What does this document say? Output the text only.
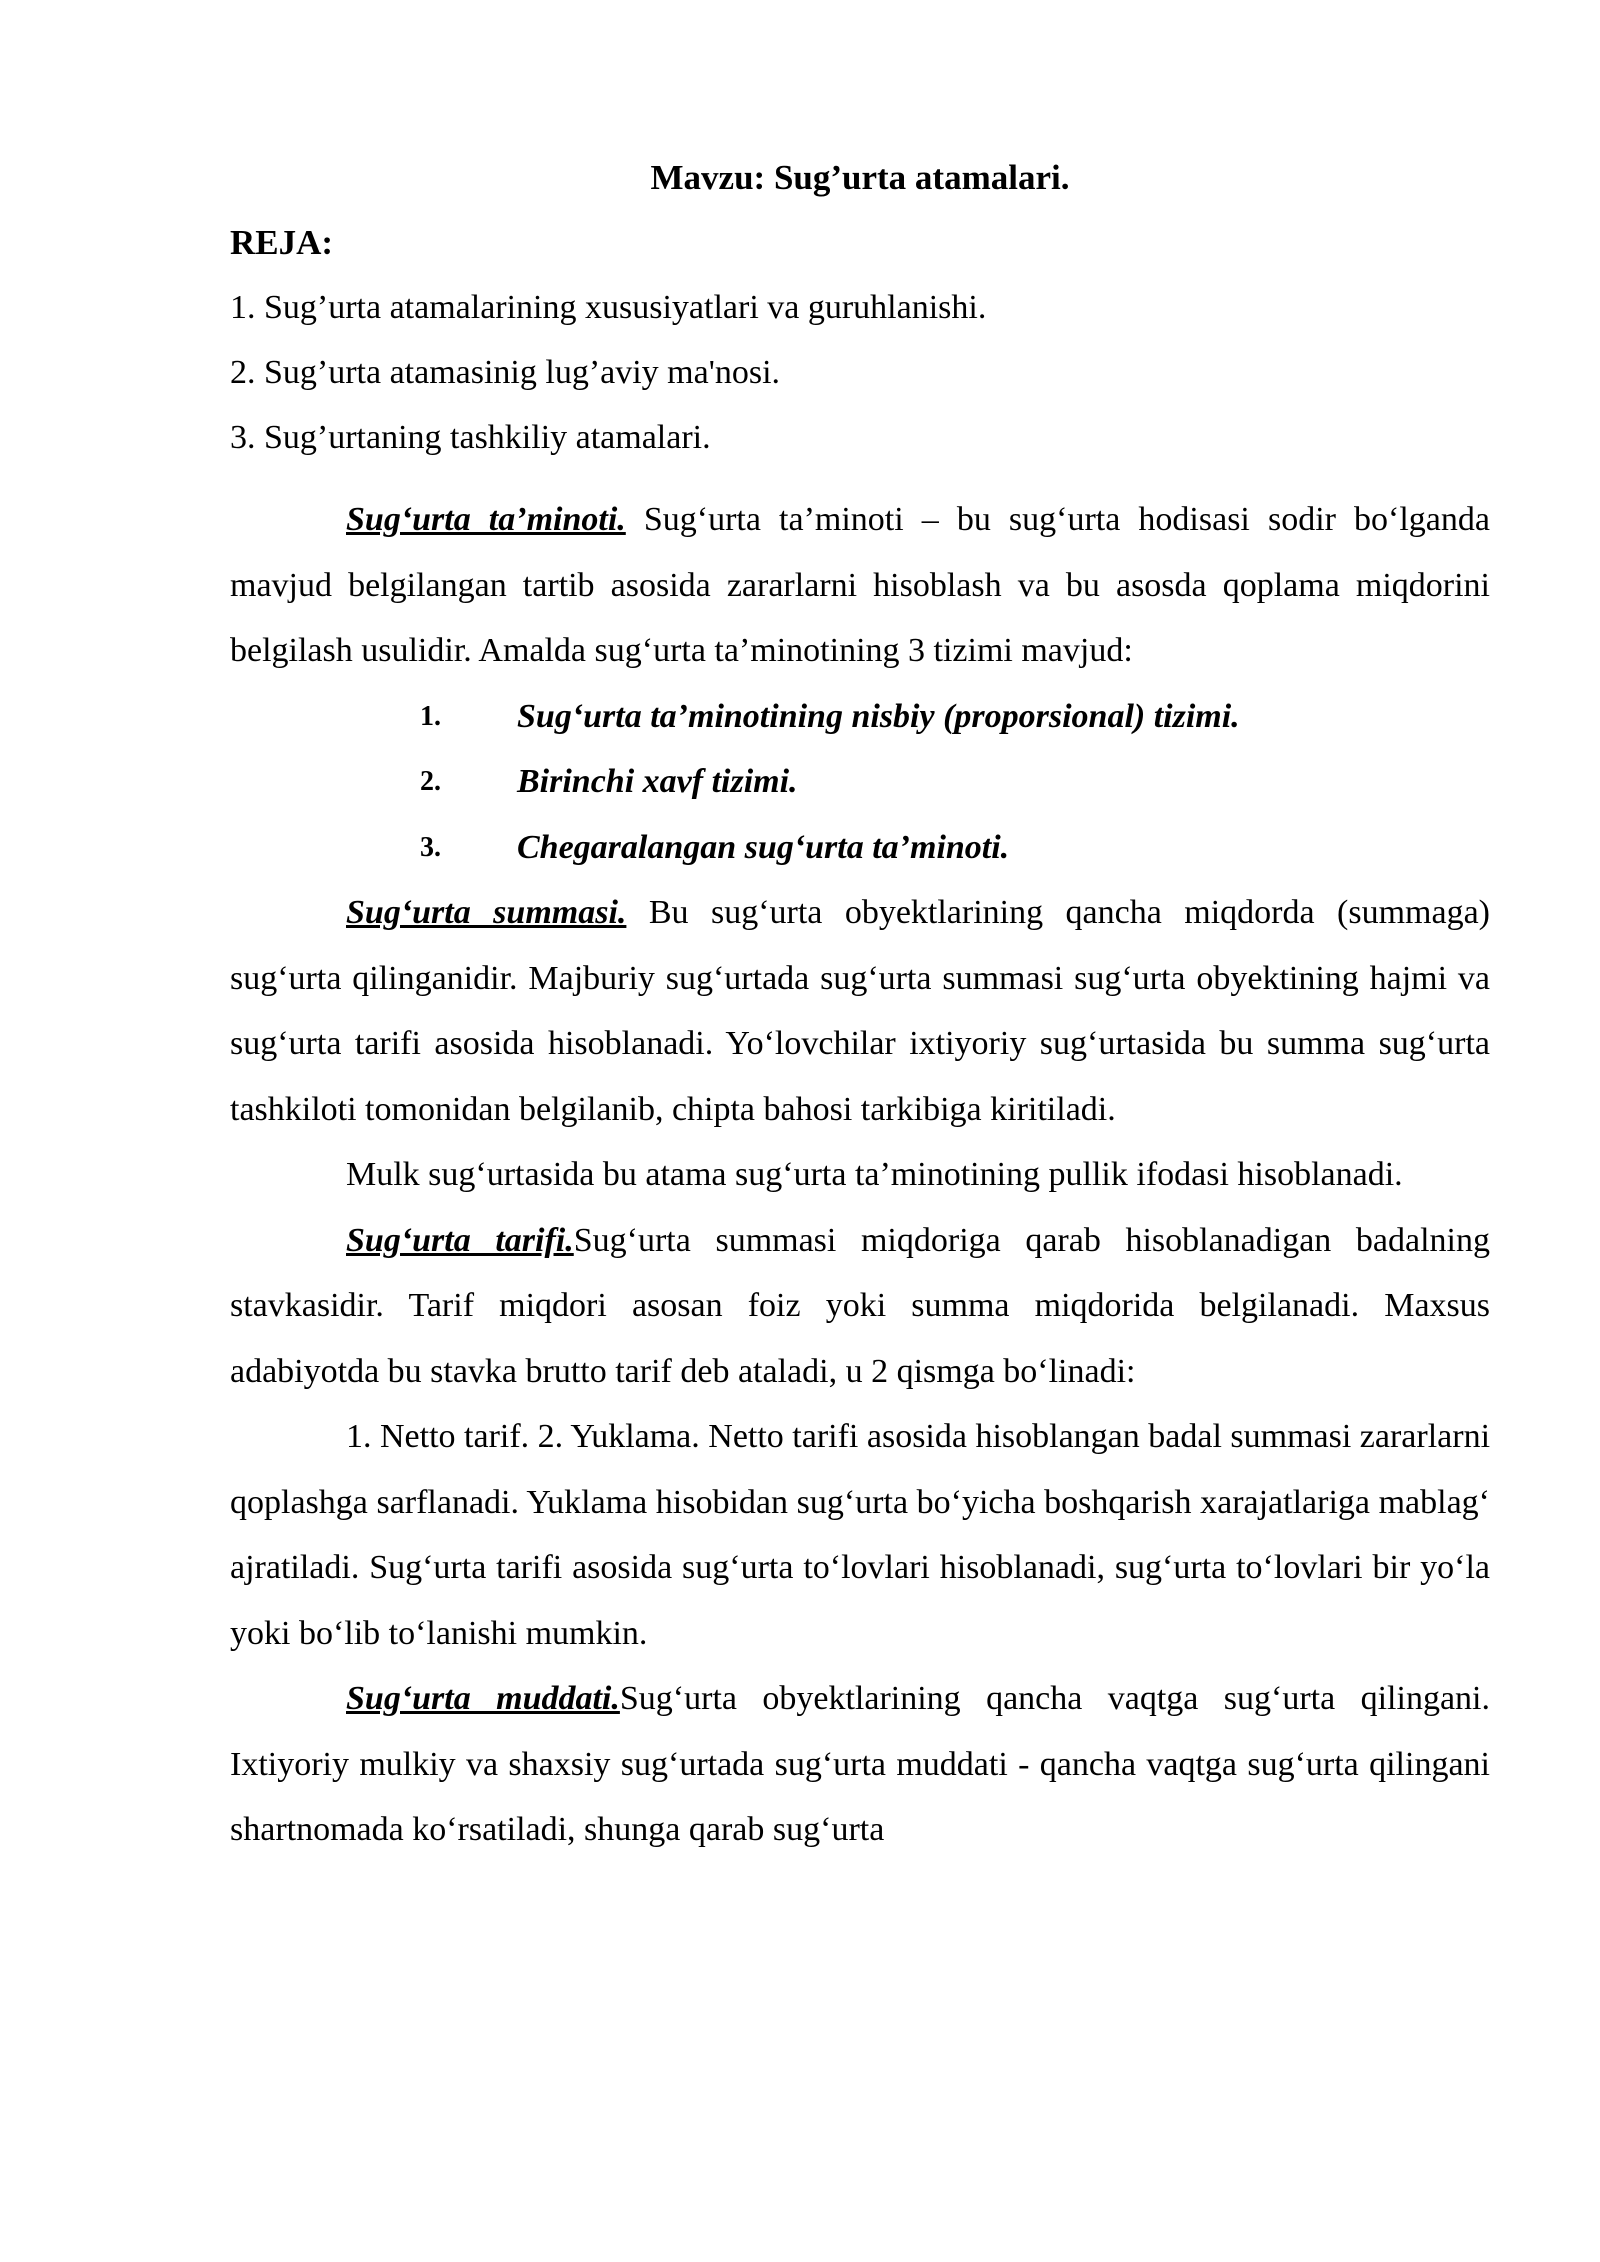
Mavzu: Sug’urta atamalari.

REJA:

1. Sug’urta atamalarining xususiyatlari va guruhlanishi.
2. Sug’urta atamasinig lug’aviy ma'nosi.
3. Sug’urtaning tashkiliy atamalari.

Sug‘urta ta’minoti. Sug‘urta ta’minoti – bu sug‘urta hodisasi sodir bo‘lganda mavjud belgilangan tartib asosida zararlarni hisoblash va bu asosda qoplama miqdorini belgilash usulidir. Amalda sug‘urta ta’minotining 3 tizimi mavjud:

1. Sug‘urta ta’minotining nisbiy (proporsional) tizimi.
2. Birinchi xavf tizimi.
3. Chegaralangan sug‘urta ta’minoti.

Sug‘urta summasi. Bu sug‘urta obyektlarining qancha miqdorda (summaga) sug‘urta qilinganidir. Majburiy sug‘urtada sug‘urta summasi sug‘urta obyektining hajmi va sug‘urta tarifi asosida hisoblanadi. Yo‘lovchilar ixtiyoriy sug‘urtasida bu summa sug‘urta tashkiloti tomonidan belgilanib, chipta bahosi tarkibiga kiritiladi.

Mulk sug‘urtasida bu atama sug‘urta ta’minotining pullik ifodasi hisoblanadi.

Sug‘urta tarifi.Sug‘urta summasi miqdoriga qarab hisoblanadigan badalning stavkasidir. Tarif miqdori asosan foiz yoki summa miqdorida belgilanadi. Maxsus adabiyotda bu stavka brutto tarif deb ataladi, u 2 qismga bo‘linadi:

1. Netto tarif. 2. Yuklama. Netto tarifi asosida hisoblangan badal summasi zararlarni qoplashga sarflanadi. Yuklama hisobidan sug‘urta bo‘yicha boshqarish xarajatlariga mablag‘ ajratiladi. Sug‘urta tarifi asosida sug‘urta to‘lovlari hisoblanadi, sug‘urta to‘lovlari bir yo‘la yoki bo‘lib to‘lanishi mumkin.

Sug‘urta muddati.Sug‘urta obyektlarining qancha vaqtga sug‘urta qilingani. Ixtiyoriy mulkiy va shaxsiy sug‘urtada sug‘urta muddati - qancha vaqtga sug‘urta qilingani shartnomada ko‘rsatiladi, shunga qarab sug‘urta
